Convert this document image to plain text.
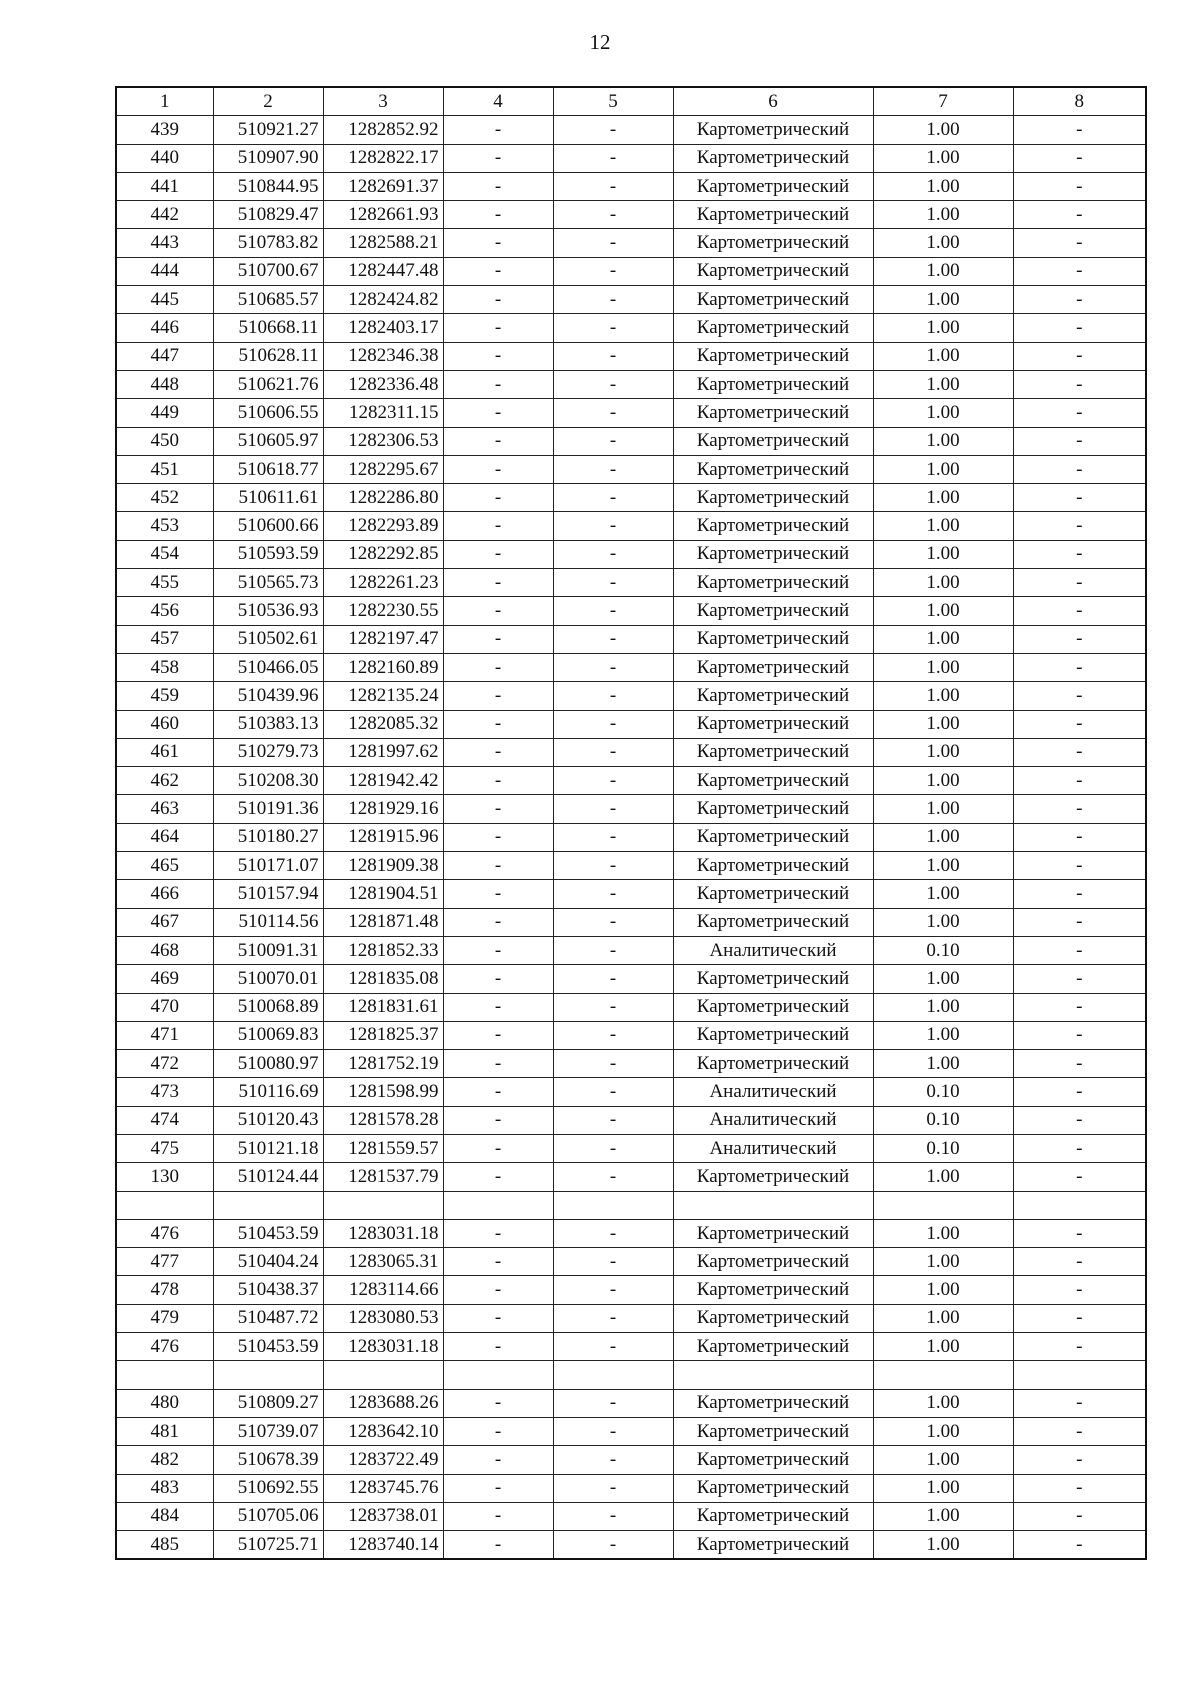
12
1	2	3	4	5	6	7	8
439	510921.27	1282852.92	-	-	Картометрический	1.00	-
440	510907.90	1282822.17	-	-	Картометрический	1.00	-
441	510844.95	1282691.37	-	-	Картометрический	1.00	-
442	510829.47	1282661.93	-	-	Картометрический	1.00	-
443	510783.82	1282588.21	-	-	Картометрический	1.00	-
444	510700.67	1282447.48	-	-	Картометрический	1.00	-
445	510685.57	1282424.82	-	-	Картометрический	1.00	-
446	510668.11	1282403.17	-	-	Картометрический	1.00	-
447	510628.11	1282346.38	-	-	Картометрический	1.00	-
448	510621.76	1282336.48	-	-	Картометрический	1.00	-
449	510606.55	1282311.15	-	-	Картометрический	1.00	-
450	510605.97	1282306.53	-	-	Картометрический	1.00	-
451	510618.77	1282295.67	-	-	Картометрический	1.00	-
452	510611.61	1282286.80	-	-	Картометрический	1.00	-
453	510600.66	1282293.89	-	-	Картометрический	1.00	-
454	510593.59	1282292.85	-	-	Картометрический	1.00	-
455	510565.73	1282261.23	-	-	Картометрический	1.00	-
456	510536.93	1282230.55	-	-	Картометрический	1.00	-
457	510502.61	1282197.47	-	-	Картометрический	1.00	-
458	510466.05	1282160.89	-	-	Картометрический	1.00	-
459	510439.96	1282135.24	-	-	Картометрический	1.00	-
460	510383.13	1282085.32	-	-	Картометрический	1.00	-
461	510279.73	1281997.62	-	-	Картометрический	1.00	-
462	510208.30	1281942.42	-	-	Картометрический	1.00	-
463	510191.36	1281929.16	-	-	Картометрический	1.00	-
464	510180.27	1281915.96	-	-	Картометрический	1.00	-
465	510171.07	1281909.38	-	-	Картометрический	1.00	-
466	510157.94	1281904.51	-	-	Картометрический	1.00	-
467	510114.56	1281871.48	-	-	Картометрический	1.00	-
468	510091.31	1281852.33	-	-	Аналитический	0.10	-
469	510070.01	1281835.08	-	-	Картометрический	1.00	-
470	510068.89	1281831.61	-	-	Картометрический	1.00	-
471	510069.83	1281825.37	-	-	Картометрический	1.00	-
472	510080.97	1281752.19	-	-	Картометрический	1.00	-
473	510116.69	1281598.99	-	-	Аналитический	0.10	-
474	510120.43	1281578.28	-	-	Аналитический	0.10	-
475	510121.18	1281559.57	-	-	Аналитический	0.10	-
130	510124.44	1281537.79	-	-	Картометрический	1.00	-

476	510453.59	1283031.18	-	-	Картометрический	1.00	-
477	510404.24	1283065.31	-	-	Картометрический	1.00	-
478	510438.37	1283114.66	-	-	Картометрический	1.00	-
479	510487.72	1283080.53	-	-	Картометрический	1.00	-
476	510453.59	1283031.18	-	-	Картометрический	1.00	-

480	510809.27	1283688.26	-	-	Картометрический	1.00	-
481	510739.07	1283642.10	-	-	Картометрический	1.00	-
482	510678.39	1283722.49	-	-	Картометрический	1.00	-
483	510692.55	1283745.76	-	-	Картометрический	1.00	-
484	510705.06	1283738.01	-	-	Картометрический	1.00	-
485	510725.71	1283740.14	-	-	Картометрический	1.00	-
